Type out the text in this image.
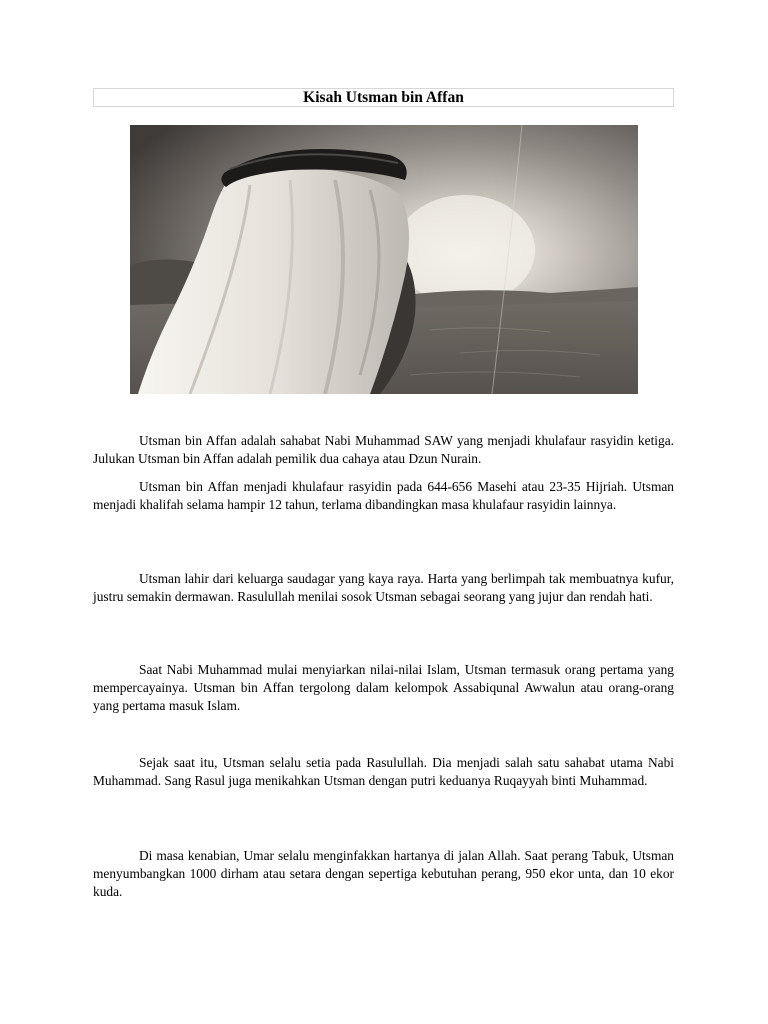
Kisah Utsman bin Affan

Utsman bin Affan adalah sahabat Nabi Muhammad SAW yang menjadi khulafaur rasyidin ketiga. Julukan Utsman bin Affan adalah pemilik dua cahaya atau Dzun Nurain.

Utsman bin Affan menjadi khulafaur rasyidin pada 644-656 Masehi atau 23-35 Hijriah. Utsman menjadi khalifah selama hampir 12 tahun, terlama dibandingkan masa khulafaur rasyidin lainnya.

Utsman lahir dari keluarga saudagar yang kaya raya. Harta yang berlimpah tak membuatnya kufur, justru semakin dermawan. Rasulullah menilai sosok Utsman sebagai seorang yang jujur dan rendah hati.

Saat Nabi Muhammad mulai menyiarkan nilai-nilai Islam, Utsman termasuk orang pertama yang mempercayainya. Utsman bin Affan tergolong dalam kelompok Assabiqunal Awwalun atau orang-orang yang pertama masuk Islam.

Sejak saat itu, Utsman selalu setia pada Rasulullah. Dia menjadi salah satu sahabat utama Nabi Muhammad. Sang Rasul juga menikahkan Utsman dengan putri keduanya Ruqayyah binti Muhammad.

Di masa kenabian, Umar selalu menginfakkan hartanya di jalan Allah. Saat perang Tabuk, Utsman menyumbangkan 1000 dirham atau setara dengan sepertiga kebutuhan perang, 950 ekor unta, dan 10 ekor kuda.
